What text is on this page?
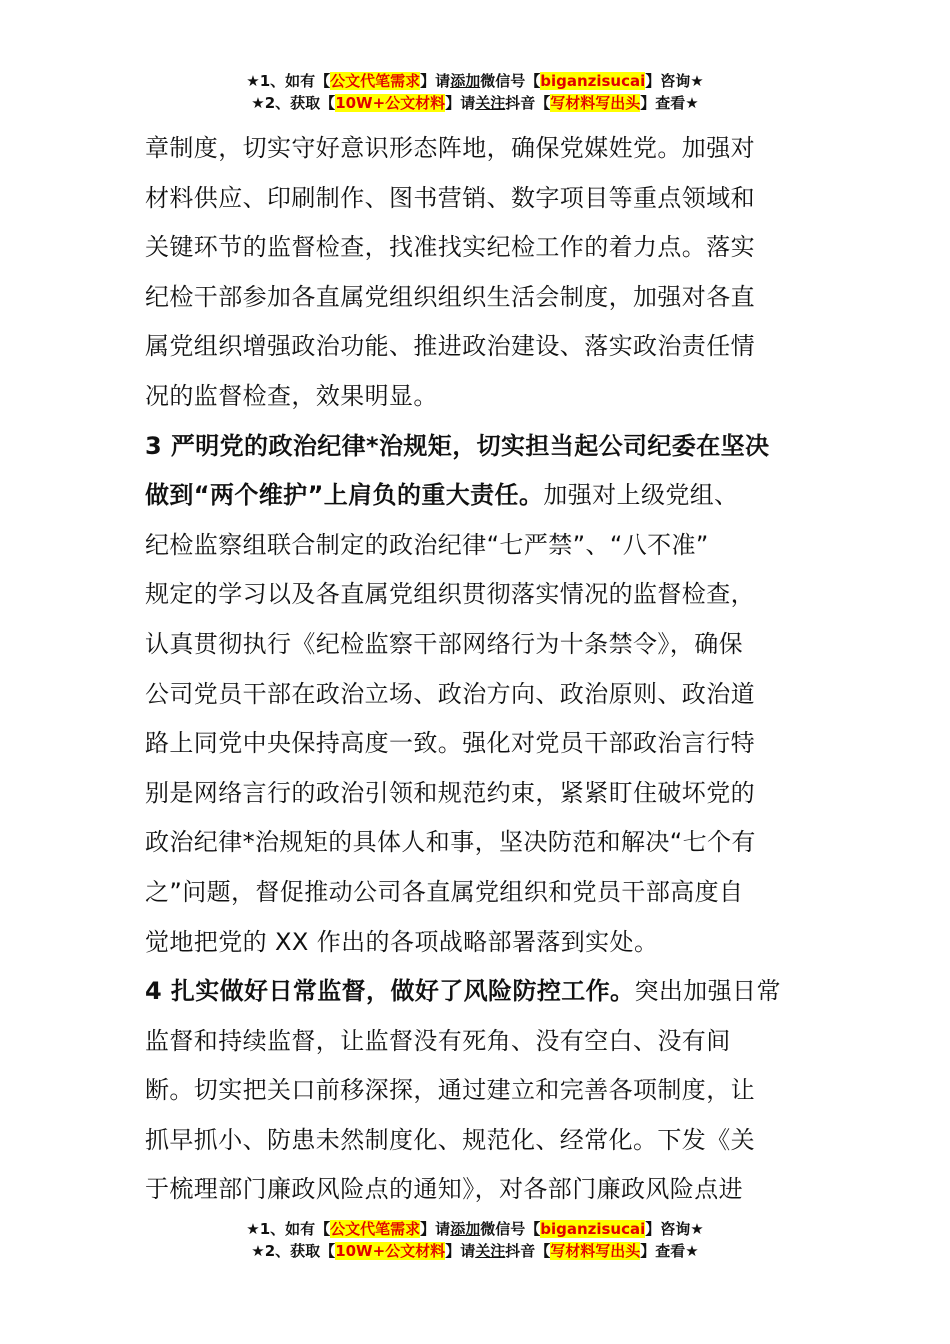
★1、如有【公文代笔需求】请添加微信号【biganzisucai】咨询★
★2、获取【10W+公文材料】请关注抖音【写材料写出头】查看★
章制度，切实守好意识形态阵地，确保党媒姓党。加强对
材料供应、印刷制作、图书营销、数字项目等重点领域和
关键环节的监督检查，找准找实纪检工作的着力点。落实
纪检干部参加各直属党组织组织生活会制度，加强对各直
属党组织增强政治功能、推进政治建设、落实政治责任情
况的监督检查，效果明显。
3 严明党的政治纪律*治规矩，切实担当起公司纪委在坚决
做到“两个维护”上肩负的重大责任。加强对上级党组、
纪检监察组联合制定的政治纪律“七严禁”、“八不准”
规定的学习以及各直属党组织贯彻落实情况的监督检查，
认真贯彻执行《纪检监察干部网络行为十条禁令》，确保
公司党员干部在政治立场、政治方向、政治原则、政治道
路上同党中央保持高度一致。强化对党员干部政治言行特
别是网络言行的政治引领和规范约束，紧紧盯住破坏党的
政治纪律*治规矩的具体人和事，坚决防范和解决“七个有
之”问题，督促推动公司各直属党组织和党员干部高度自
觉地把党的 XX 作出的各项战略部署落到实处。
4 扎实做好日常监督，做好了风险防控工作。突出加强日常
监督和持续监督，让监督没有死角、没有空白、没有间
断。切实把关口前移深探，通过建立和完善各项制度，让
抓早抓小、防患未然制度化、规范化、经常化。下发《关
于梳理部门廉政风险点的通知》，对各部门廉政风险点进
★1、如有【公文代笔需求】请添加微信号【biganzisucai】咨询★
★2、获取【10W+公文材料】请关注抖音【写材料写出头】查看★
